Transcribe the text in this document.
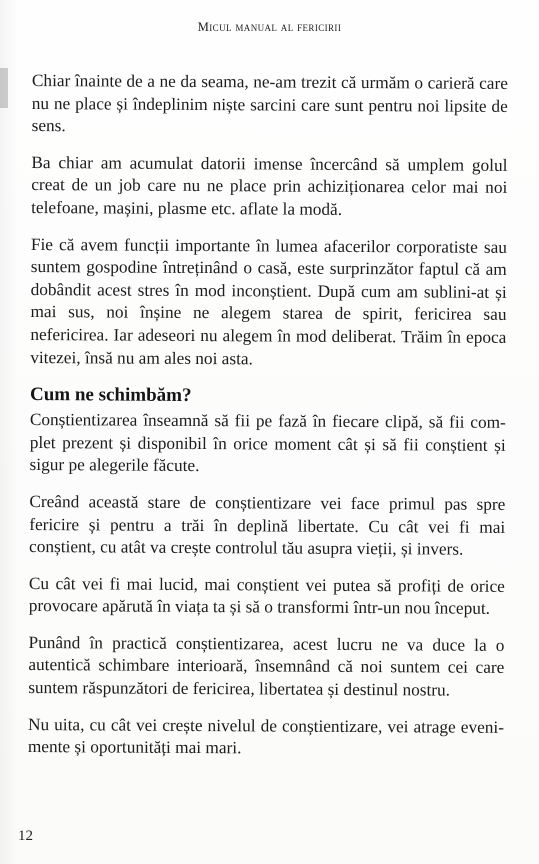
Micul manual al fericirii

Chiar înainte de a ne da seama, ne-am trezit că urmăm o carieră care nu ne place și îndeplinim niște sarcini care sunt pentru noi lipsite de sens.

Ba chiar am acumulat datorii imense încercând să umplem golul creat de un job care nu ne place prin achiziționarea celor mai noi telefoane, mașini, plasme etc. aflate la modă.

Fie că avem funcții importante în lumea afacerilor corporatiste sau suntem gospodine întreținând o casă, este surprinzător faptul că am dobândit acest stres în mod inconștient. După cum am sublini-at și mai sus, noi înșine ne alegem starea de spirit, fericirea sau nefericirea. Iar adeseori nu alegem în mod deliberat. Trăim în epoca vitezei, însă nu am ales noi asta.

Cum ne schimbăm?

Conștientizarea înseamnă să fii pe fază în fiecare clipă, să fii com-plet prezent și disponibil în orice moment cât și să fii conștient și sigur pe alegerile făcute.

Creând această stare de conștientizare vei face primul pas spre fericire și pentru a trăi în deplină libertate. Cu cât vei fi mai conștient, cu atât va crește controlul tău asupra vieții, și invers.

Cu cât vei fi mai lucid, mai conștient vei putea să profiți de orice provocare apărută în viața ta și să o transformi într-un nou început.

Punând în practică conștientizarea, acest lucru ne va duce la o autentică schimbare interioară, însemnând că noi suntem cei care suntem răspunzători de fericirea, libertatea și destinul nostru.

Nu uita, cu cât vei crește nivelul de conștientizare, vei atrage eveni-mente și oportunități mai mari.

12
